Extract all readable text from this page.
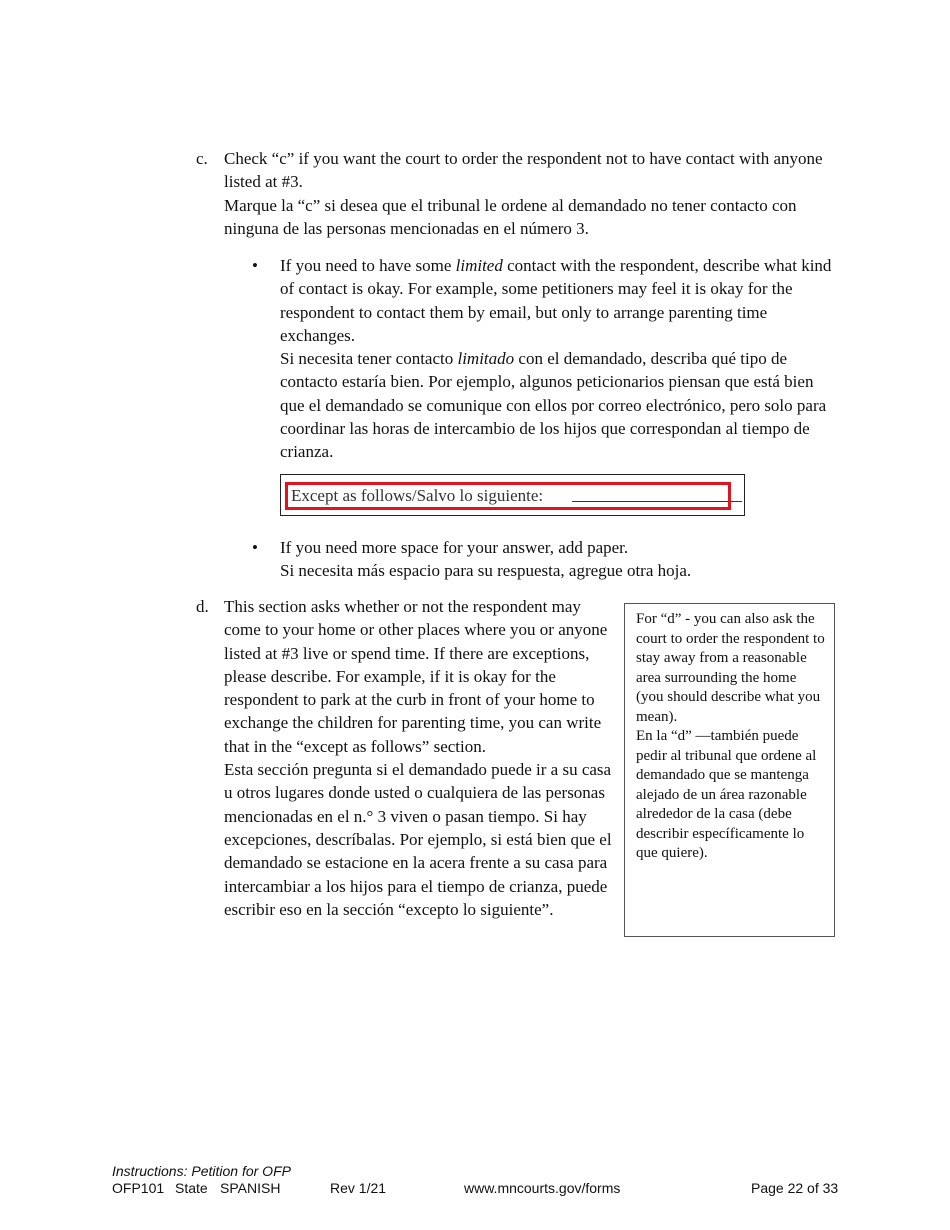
c. Check “c” if you want the court to order the respondent not to have contact with anyone listed at #3.

Marque la “c” si desea que el tribunal le ordene al demandado no tener contacto con ninguna de las personas mencionadas en el número 3.

• If you need to have some limited contact with the respondent, describe what kind of contact is okay. For example, some petitioners may feel it is okay for the respondent to contact them by email, but only to arrange parenting time exchanges.

Si necesita tener contacto limitado con el demandado, describa qué tipo de contacto estaría bien. Por ejemplo, algunos peticionarios piensan que está bien que el demandado se comunique con ellos por correo electrónico, pero solo para coordinar las horas de intercambio de los hijos que correspondan al tiempo de crianza.

Except as follows/Salvo lo siguiente:
• If you need more space for your answer, add paper.

Si necesita más espacio para su respuesta, agregue otra hoja.

d. This section asks whether or not the respondent may come to your home or other places where you or anyone listed at #3 live or spend time. If there are exceptions, please describe. For example, if it is okay for the respondent to park at the curb in front of your home to exchange the children for parenting time, you can write that in the “except as follows” section.

Esta sección pregunta si el demandado puede ir a su casa u otros lugares donde usted o cualquiera de las personas mencionadas en el n.° 3 viven o pasan tiempo. Si hay excepciones, descríbalas. Por ejemplo, si está bien que el demandado se estacione en la acera frente a su casa para intercambiar a los hijos para el tiempo de crianza, puede escribir eso en la sección “excepto lo siguiente”.

For “d” - you can also ask the court to order the respondent to stay away from a reasonable area surrounding the home (you should describe what you mean).

En la “d” —también puede pedir al tribunal que ordene al demandado que se mantenga alejado de un área razonable alrededor de la casa (debe describir específicamente lo que quiere).

Instructions: Petition for OFP
OFP101 State SPANISH	Rev 1/21	www.mncourts.gov/forms	Page 22 of 33
